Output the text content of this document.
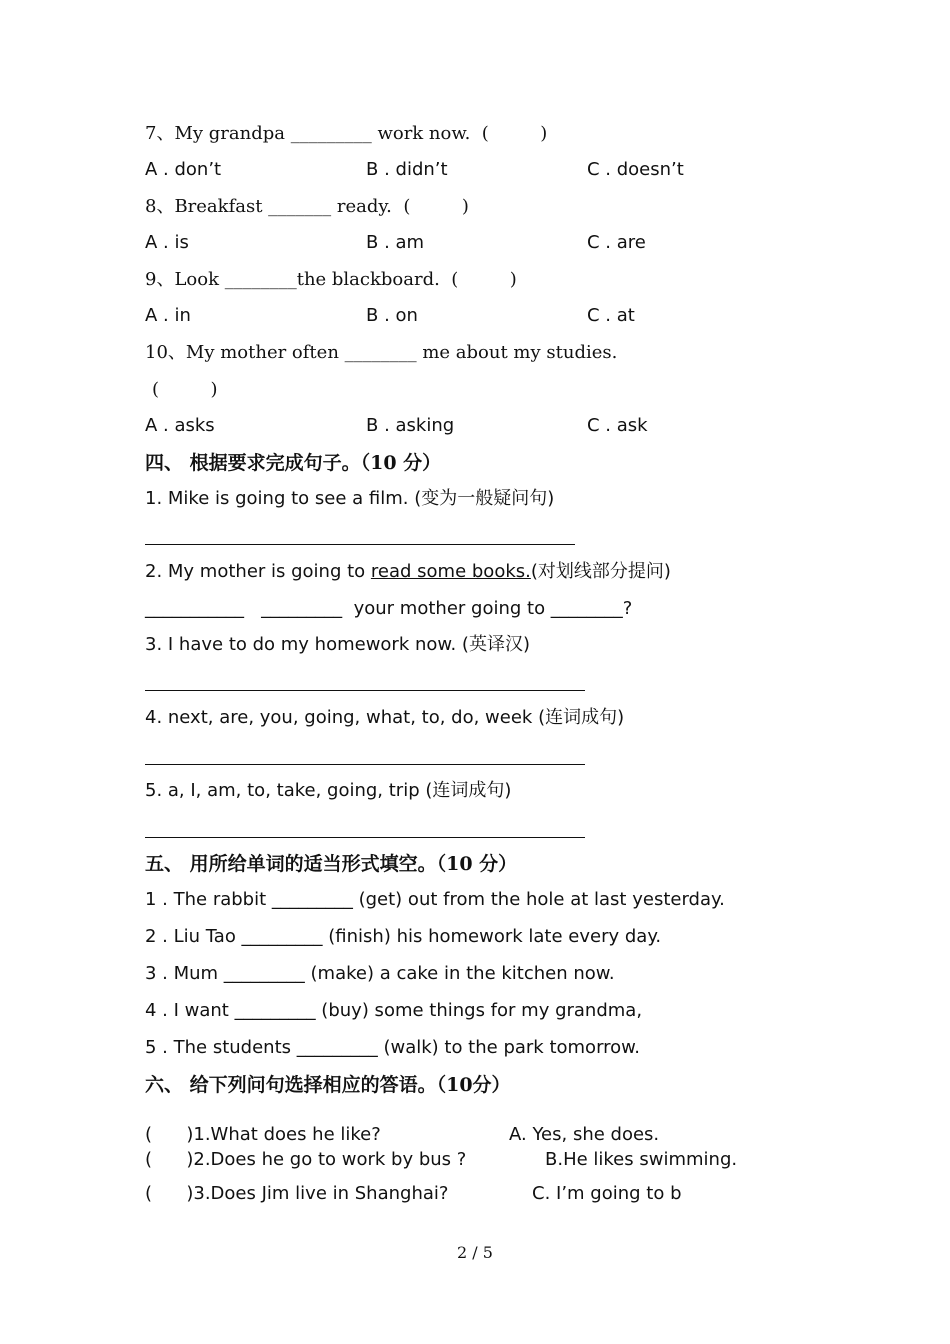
7、My grandpa _________ work now.  (         )
A . don’t	B . didn’t	C . doesn’t
8、Breakfast _______ ready.  (         )
A . is	B . am	C . are
9、Look ________the blackboard.  (         )
A . in	B . on	C . at
10、My mother often ________ me about my studies.
(         )
A . asks	B . asking	C . ask
四、 根据要求完成句子。（10 分）
1. Mike is going to see a film. (变为一般疑问句)
2. My mother is going to read some books.(对划线部分提问)
___________   _________  your mother going to ________?
3. I have to do my homework now. (英译汉)
4. next, are, you, going, what, to, do, week (连词成句)
5. a, I, am, to, take, going, trip (连词成句)
五、 用所给单词的适当形式填空。（10 分）
1 . The rabbit _________ (get) out from the hole at last yesterday.
2 . Liu Tao _________ (finish) his homework late every day.
3 . Mum _________ (make) a cake in the kitchen now.
4 . I want _________ (buy) some things for my grandma,
5 . The students _________ (walk) to the park tomorrow.
六、 给下列问句选择相应的答语。（10分）
(      )1.What does he like?	A. Yes, she does.
(      )2.Does he go to work by bus ?	B.He likes swimming.
(      )3.Does Jim live in Shanghai?	C. I’m going to b
2 / 5
